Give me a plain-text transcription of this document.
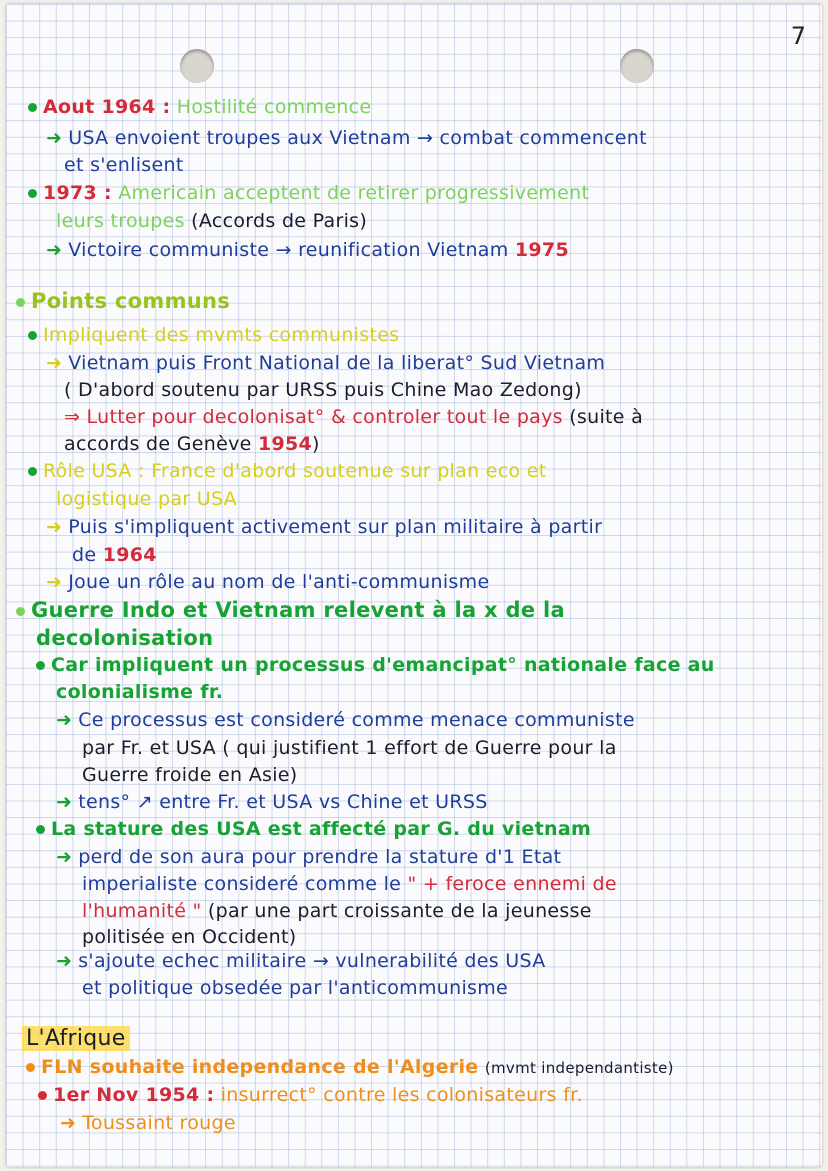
7
Aout 1964 : Hostilité commence
➜ USA envoient troupes aux Vietnam → combat commencent
et s'enlisent
1973 : Americain acceptent de retirer progressivement
leurs troupes (Accords de Paris)
➜ Victoire communiste → reunification Vietnam 1975
Points communs
Impliquent des mvmts communistes
➜ Vietnam puis Front National de la liberat° Sud Vietnam
( D'abord soutenu par URSS puis Chine Mao Zedong)
⇒ Lutter pour decolonisat° & controler tout le pays (suite à
accords de Genève 1954)
Rôle USA : France d'abord soutenue sur plan eco et
logistique par USA
➜ Puis s'impliquent activement sur plan militaire à partir
de 1964
➜ Joue un rôle au nom de l'anti-communisme
Guerre Indo et Vietnam relevent à la x de la
decolonisation
Car impliquent un processus d'emancipat° nationale face au
colonialisme fr.
➜ Ce processus est consideré comme menace communiste
par Fr. et USA ( qui justifient 1 effort de Guerre pour la
Guerre froide en Asie)
➜ tens° ↗ entre Fr. et USA vs Chine et URSS
La stature des USA est affecté par G. du vietnam
➜ perd de son aura pour prendre la stature d'1 Etat
imperialiste consideré comme le " + feroce ennemi de
l'humanité " (par une part croissante de la jeunesse
politisée en Occident)
➜ s'ajoute echec militaire → vulnerabilité des USA
et politique obsedée par l'anticommunisme
L'Afrique
FLN souhaite independance de l'Algerie (mvmt independantiste)
1er Nov 1954 : insurrect° contre les colonisateurs fr.
➜ Toussaint rouge
